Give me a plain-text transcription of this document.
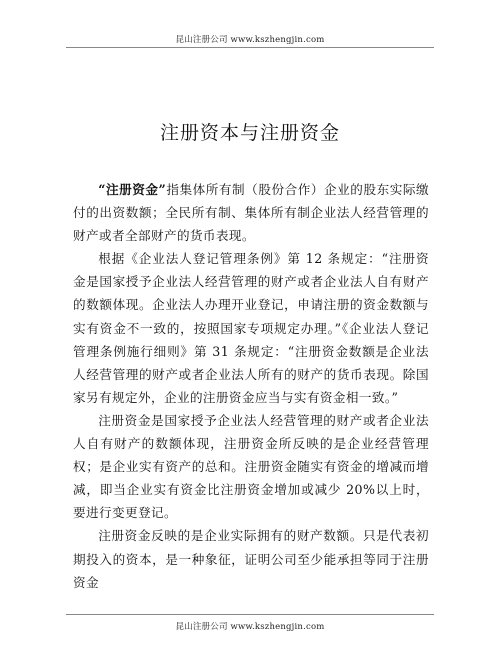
昆山注册公司 www.kszhengjin.com
注册资本与注册资金

“注册资金”指集体所有制（股份合作）企业的股东实际缴付的出资数额；全民所有制、集体所有制企业法人经营管理的财产或者全部财产的货币表现。

根据《企业法人登记管理条例》第 12 条规定：“注册资金是国家授予企业法人经营管理的财产或者企业法人自有财产的数额体现。企业法人办理开业登记，申请注册的资金数额与实有资金不一致的，按照国家专项规定办理。”《企业法人登记管理条例施行细则》第 31 条规定：“注册资金数额是企业法人经营管理的财产或者企业法人所有的财产的货币表现。除国家另有规定外，企业的注册资金应当与实有资金相一致。”

注册资金是国家授予企业法人经营管理的财产或者企业法人自有财产的数额体现，注册资金所反映的是企业经营管理权；是企业实有资产的总和。注册资金随实有资金的增减而增减，即当企业实有资金比注册资金增加或减少 20%以上时，要进行变更登记。

注册资金反映的是企业实际拥有的财产数额。只是代表初期投入的资本，是一种象征，证明公司至少能承担等同于注册资金

昆山注册公司 www.kszhengjin.com
